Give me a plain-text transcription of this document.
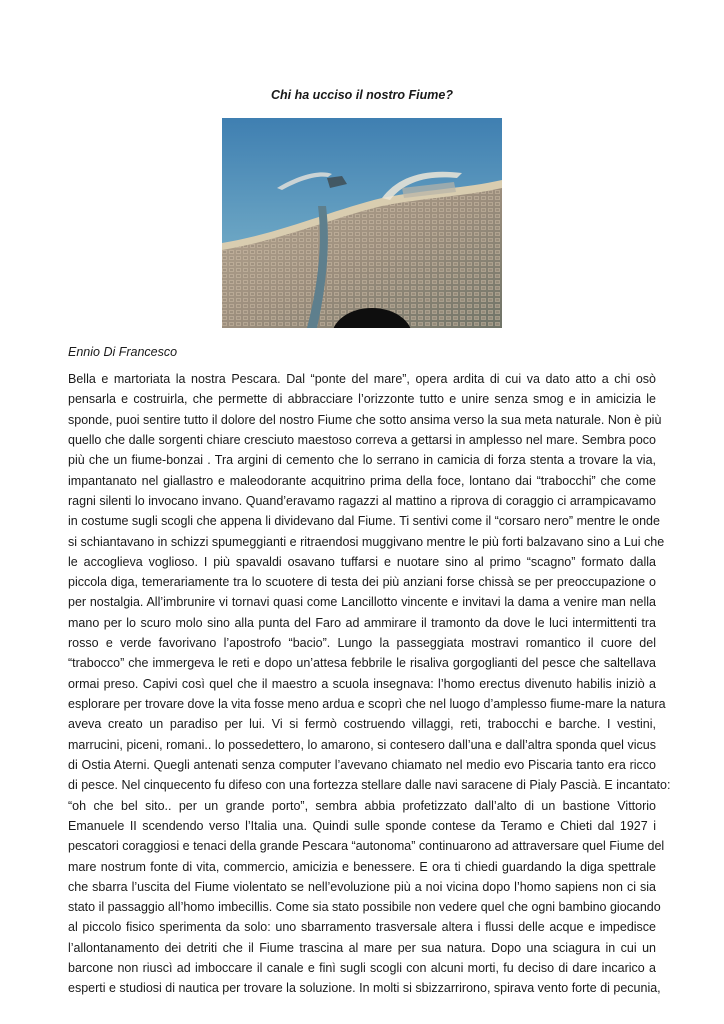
Chi ha ucciso il nostro Fiume?
Ennio Di Francesco
Bella e martoriata la nostra Pescara. Dal “ponte del mare”, opera ardita di cui va dato atto a chi osò
pensarla e costruirla, che permette di abbracciare l’orizzonte tutto e unire senza smog e in amicizia le
sponde, puoi sentire tutto il dolore del nostro Fiume che sotto ansima verso la sua meta naturale. Non è più
quello che dalle sorgenti chiare cresciuto maestoso correva a gettarsi in amplesso nel mare. Sembra poco
più che un fiume-bonzai . Tra argini di cemento che lo serrano in camicia di forza stenta a trovare la via,
impantanato nel giallastro e maleodorante acquitrino prima della foce, lontano dai “trabocchi” che come
ragni silenti lo invocano invano. Quand’eravamo ragazzi al mattino a riprova di coraggio ci arrampicavamo
in costume sugli scogli che appena li dividevano dal Fiume. Ti sentivi come il “corsaro nero” mentre le onde
si schiantavano in schizzi spumeggianti e ritraendosi muggivano mentre le più forti balzavano sino a Lui che
le accoglieva voglioso. I più spavaldi osavano tuffarsi e nuotare sino al primo “scagno” formato dalla
piccola diga, temerariamente tra lo scuotere di testa dei più anziani forse chissà se per preoccupazione o
per nostalgia. All’imbrunire vi tornavi quasi come Lancillotto vincente e invitavi la dama a venire man nella
mano per lo scuro molo sino alla punta del Faro ad ammirare il tramonto da dove le luci intermittenti tra
rosso e verde favorivano l’apostrofo “bacio”. Lungo la passeggiata mostravi romantico il cuore del
“trabocco” che immergeva le reti e dopo un’attesa febbrile le risaliva gorgoglianti del pesce che saltellava
ormai preso. Capivi così quel che il maestro a scuola insegnava: l’homo erectus divenuto habilis iniziò a
esplorare per trovare dove la vita fosse meno ardua e scoprì che nel luogo d’amplesso fiume-mare la natura
aveva creato un paradiso per lui. Vi si fermò costruendo villaggi, reti, trabocchi e barche. I vestini,
marrucini, piceni, romani.. lo possedettero, lo amarono, si contesero dall’una e dall’altra sponda quel vicus
di Ostia Aterni. Quegli antenati senza computer l’avevano chiamato nel medio evo Piscaria tanto era ricco
di pesce. Nel cinquecento fu difeso con una fortezza stellare dalle navi saracene di Pialy Pascià. E incantato:
“oh che bel sito.. per un grande porto”, sembra abbia profetizzato dall’alto di un bastione Vittorio
Emanuele II scendendo verso l’Italia una. Quindi sulle sponde contese da Teramo e Chieti dal 1927 i
pescatori coraggiosi e tenaci della grande Pescara “autonoma” continuarono ad attraversare quel Fiume del
mare nostrum fonte di vita, commercio, amicizia e benessere. E ora ti chiedi guardando la diga spettrale
che sbarra l’uscita del Fiume violentato se nell’evoluzione più a noi vicina dopo l’homo sapiens non ci sia
stato il passaggio all’homo imbecillis. Come sia stato possibile non vedere quel che ogni bambino giocando
al piccolo fisico sperimenta da solo: uno sbarramento trasversale altera i flussi delle acque e impedisce
l’allontanamento dei detriti che il Fiume trascina al mare per sua natura. Dopo una sciagura in cui un
barcone non riuscì ad imboccare il canale e finì sugli scogli con alcuni morti, fu deciso di dare incarico a
esperti e studiosi di nautica per trovare la soluzione. In molti si sbizzarrirono, spirava vento forte di pecunia,
